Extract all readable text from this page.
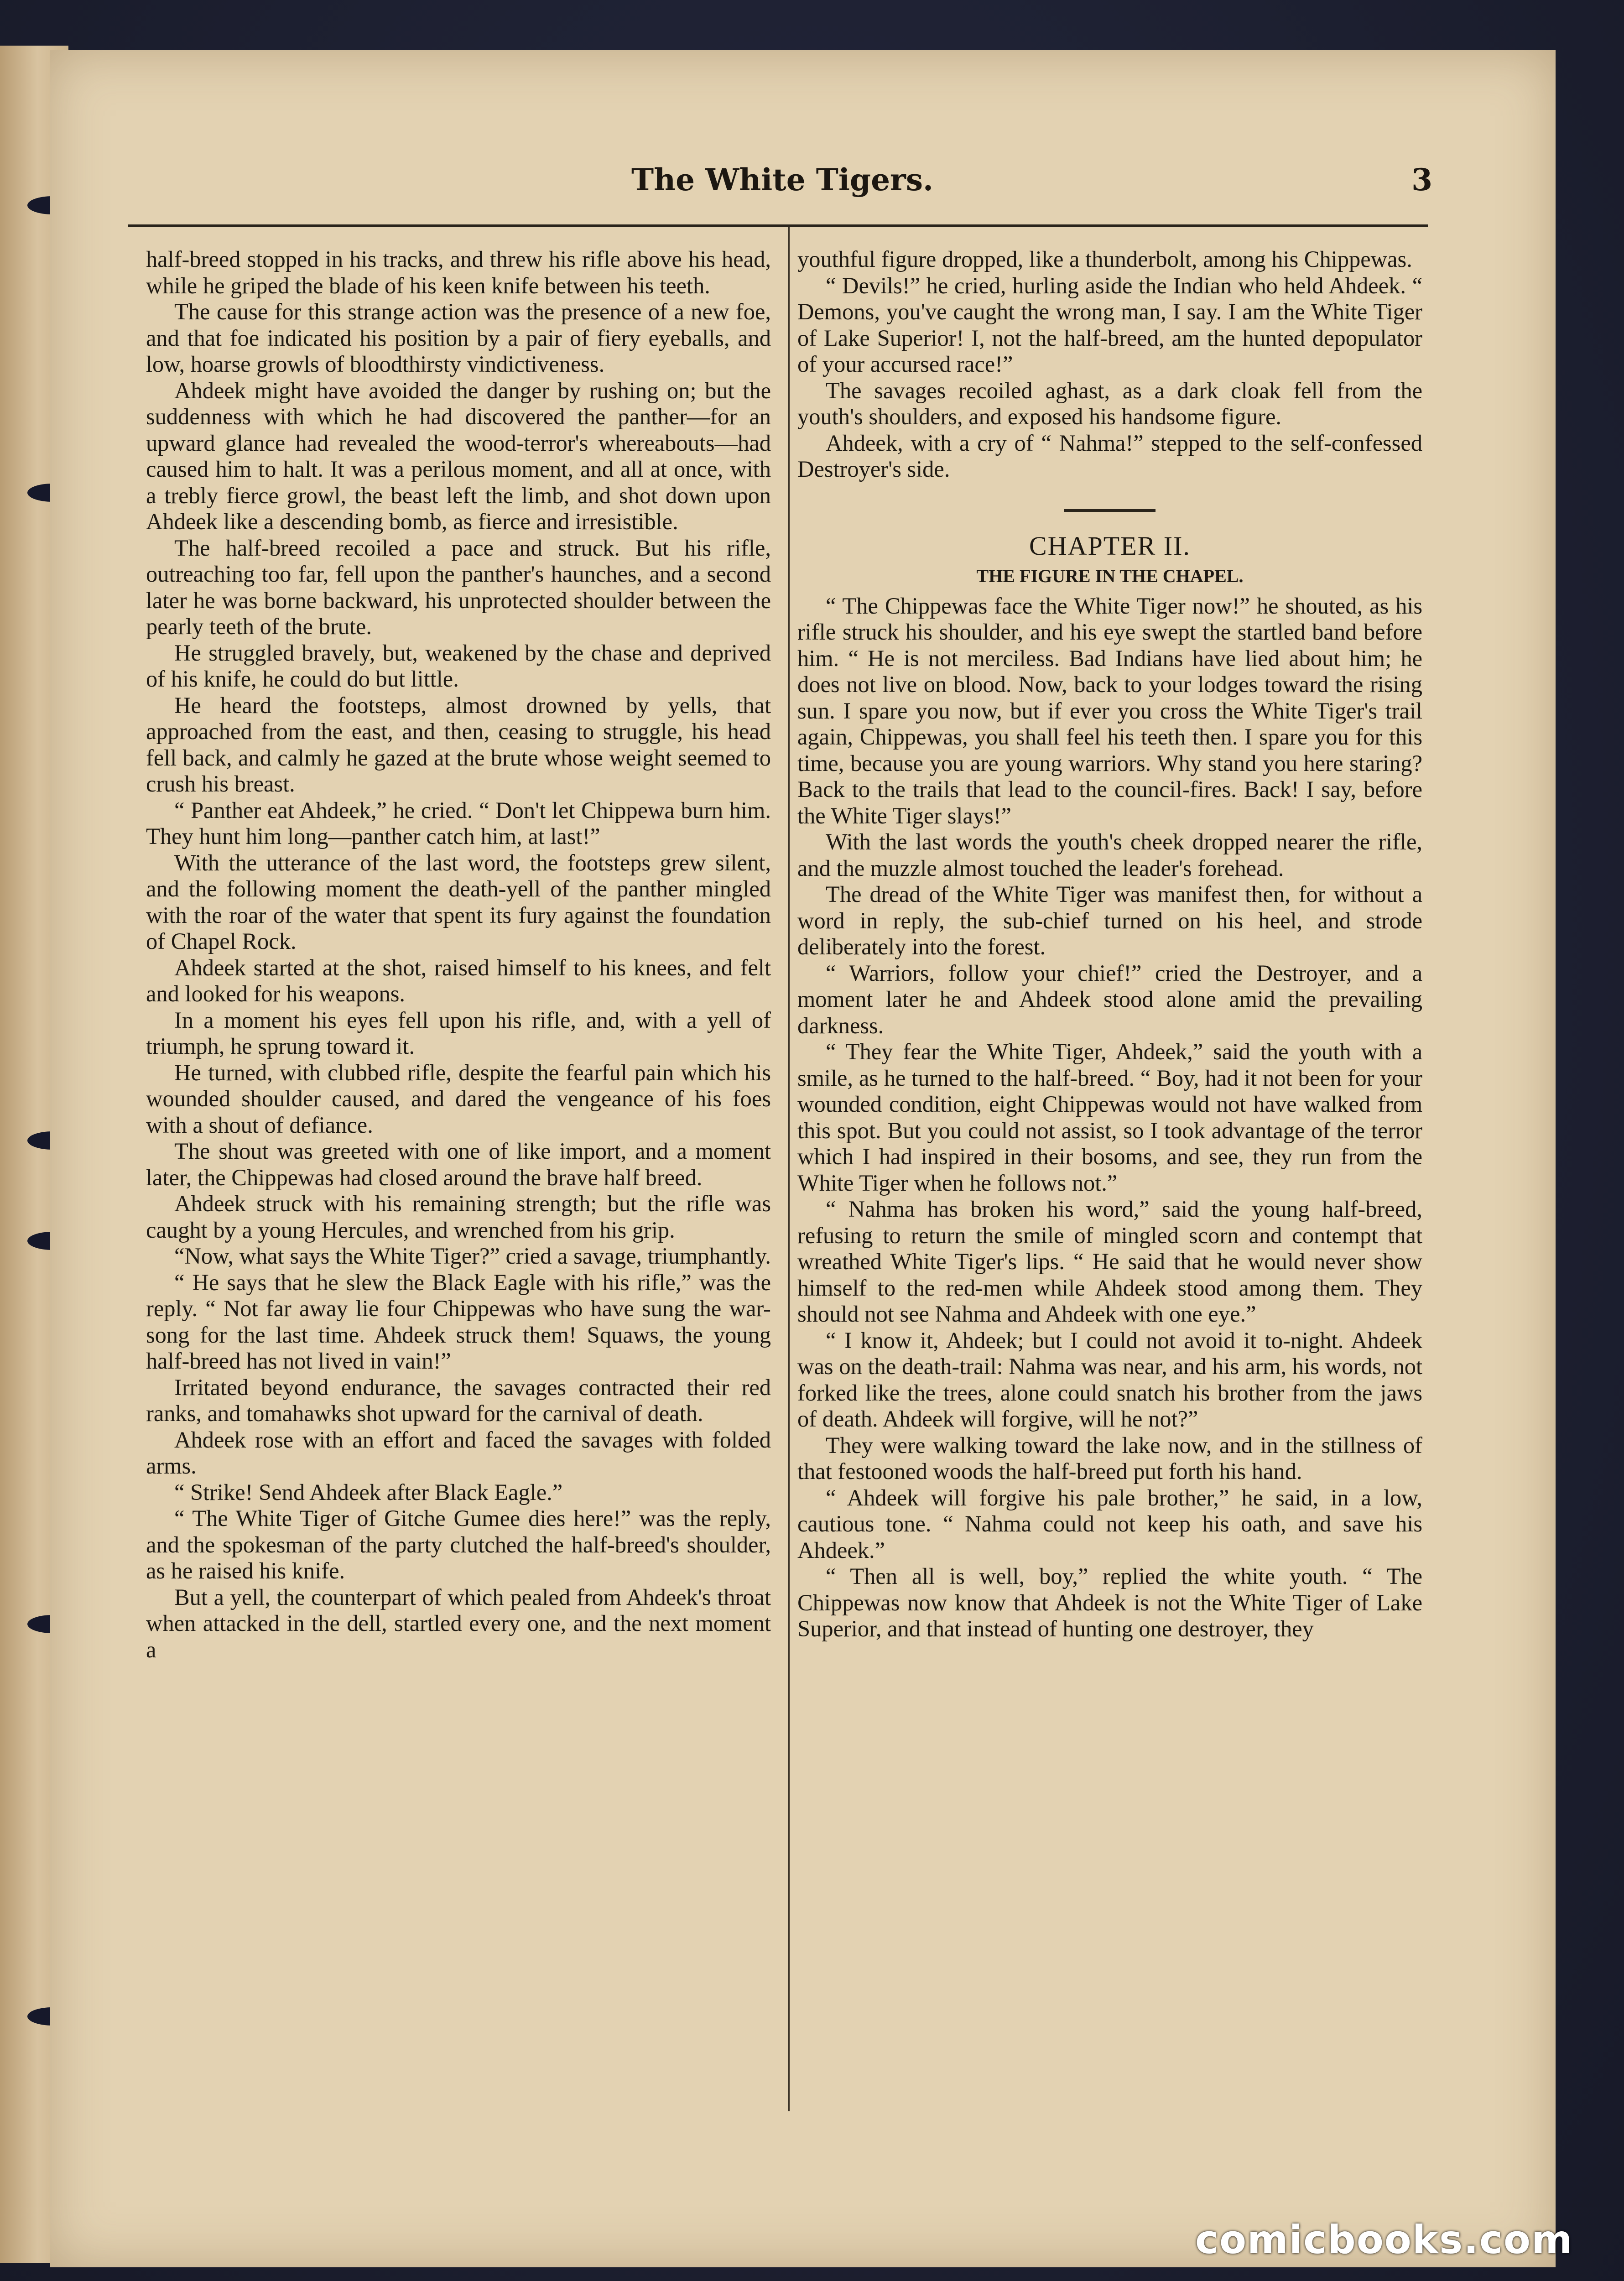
The White Tigers.	3

half-breed stopped in his tracks, and threw his rifle above his head, while he griped the blade of his keen knife between his teeth.

The cause for this strange action was the presence of a new foe, and that foe indicated his position by a pair of fiery eyeballs, and low, hoarse growls of bloodthirsty vindictiveness.

Ahdeek might have avoided the danger by rushing on; but the suddenness with which he had discovered the panther—for an upward glance had revealed the wood-terror's whereabouts—had caused him to halt. It was a perilous moment, and all at once, with a trebly fierce growl, the beast left the limb, and shot down upon Ahdeek like a descending bomb, as fierce and irresistible.

The half-breed recoiled a pace and struck. But his rifle, outreaching too far, fell upon the panther's haunches, and a second later he was borne backward, his unprotected shoulder between the pearly teeth of the brute.

He struggled bravely, but, weakened by the chase and deprived of his knife, he could do but little.

He heard the footsteps, almost drowned by yells, that approached from the east, and then, ceasing to struggle, his head fell back, and calmly he gazed at the brute whose weight seemed to crush his breast.

“ Panther eat Ahdeek,” he cried. “ Don't let Chippewa burn him. They hunt him long—panther catch him, at last!”

With the utterance of the last word, the footsteps grew silent, and the following moment the death-yell of the panther mingled with the roar of the water that spent its fury against the foundation of Chapel Rock.

Ahdeek started at the shot, raised himself to his knees, and felt and looked for his weapons.

In a moment his eyes fell upon his rifle, and, with a yell of triumph, he sprung toward it.

He turned, with clubbed rifle, despite the fearful pain which his wounded shoulder caused, and dared the vengeance of his foes with a shout of defiance.

The shout was greeted with one of like import, and a moment later, the Chippewas had closed around the brave half breed.

Ahdeek struck with his remaining strength; but the rifle was caught by a young Hercules, and wrenched from his grip.

“Now, what says the White Tiger?” cried a savage, triumphantly.

“ He says that he slew the Black Eagle with his rifle,” was the reply. “ Not far away lie four Chippewas who have sung the war-song for the last time. Ahdeek struck them! Squaws, the young half-breed has not lived in vain!”

Irritated beyond endurance, the savages contracted their red ranks, and tomahawks shot upward for the carnival of death.

Ahdeek rose with an effort and faced the savages with folded arms.

“ Strike! Send Ahdeek after Black Eagle.”

“ The White Tiger of Gitche Gumee dies here!” was the reply, and the spokesman of the party clutched the half-breed's shoulder, as he raised his knife.

But a yell, the counterpart of which pealed from Ahdeek's throat when attacked in the dell, startled every one, and the next moment a

youthful figure dropped, like a thunderbolt, among his Chippewas.

“ Devils!” he cried, hurling aside the Indian who held Ahdeek. “ Demons, you've caught the wrong man, I say. I am the White Tiger of Lake Superior! I, not the half-breed, am the hunted depopulator of your accursed race!”

The savages recoiled aghast, as a dark cloak fell from the youth's shoulders, and exposed his handsome figure.

Ahdeek, with a cry of “ Nahma!” stepped to the self-confessed Destroyer's side.

CHAPTER II.

THE FIGURE IN THE CHAPEL.

“ The Chippewas face the White Tiger now!” he shouted, as his rifle struck his shoulder, and his eye swept the startled band before him. “ He is not merciless. Bad Indians have lied about him; he does not live on blood. Now, back to your lodges toward the rising sun. I spare you now, but if ever you cross the White Tiger's trail again, Chippewas, you shall feel his teeth then. I spare you for this time, because you are young warriors. Why stand you here staring? Back to the trails that lead to the council-fires. Back! I say, before the White Tiger slays!”

With the last words the youth's cheek dropped nearer the rifle, and the muzzle almost touched the leader's forehead.

The dread of the White Tiger was manifest then, for without a word in reply, the sub-chief turned on his heel, and strode deliberately into the forest.

“ Warriors, follow your chief!” cried the Destroyer, and a moment later he and Ahdeek stood alone amid the prevailing darkness.

“ They fear the White Tiger, Ahdeek,” said the youth with a smile, as he turned to the half-breed. “ Boy, had it not been for your wounded condition, eight Chippewas would not have walked from this spot. But you could not assist, so I took advantage of the terror which I had inspired in their bosoms, and see, they run from the White Tiger when he follows not.”

“ Nahma has broken his word,” said the young half-breed, refusing to return the smile of mingled scorn and contempt that wreathed White Tiger's lips. “ He said that he would never show himself to the red-men while Ahdeek stood among them. They should not see Nahma and Ahdeek with one eye.”

“ I know it, Ahdeek; but I could not avoid it to-night. Ahdeek was on the death-trail: Nahma was near, and his arm, his words, not forked like the trees, alone could snatch his brother from the jaws of death. Ahdeek will forgive, will he not?”

They were walking toward the lake now, and in the stillness of that festooned woods the half-breed put forth his hand.

“ Ahdeek will forgive his pale brother,” he said, in a low, cautious tone. “ Nahma could not keep his oath, and save his Ahdeek.”

“ Then all is well, boy,” replied the white youth. “ The Chippewas now know that Ahdeek is not the White Tiger of Lake Superior, and that instead of hunting one destroyer, they

comicbooks.com
